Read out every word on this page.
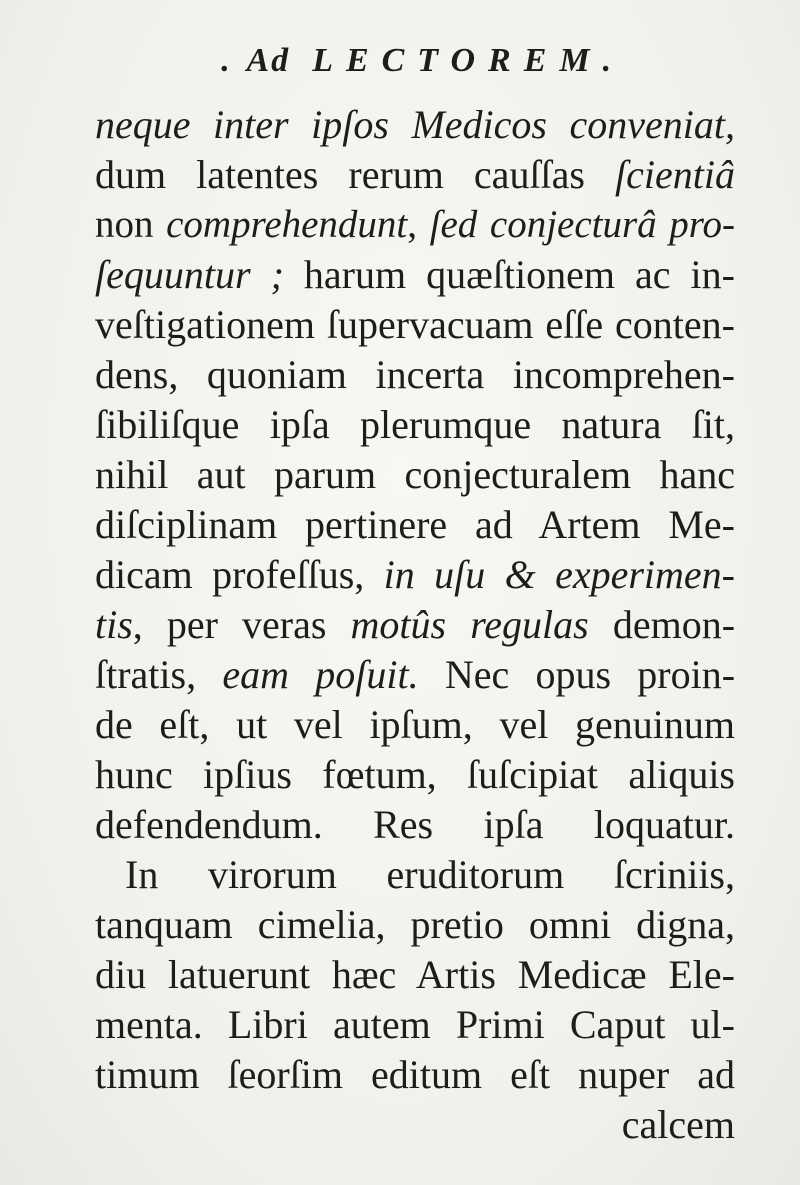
. Ad LECTOREM.
neque inter ipſos Medicos conveniat,
dum latentes rerum cauſſas ſcientiâ
non comprehendunt, ſed conjecturâ pro-
ſequuntur ; harum quæſtionem ac in-
veſtigationem ſupervacuam eſſe conten-
dens, quoniam incerta incomprehen-
ſibiliſque ipſa plerumque natura ſit,
nihil aut parum conjecturalem hanc
diſciplinam pertinere ad Artem Me-
dicam profeſſus, in uſu & experimen-
tis, per veras motûs regulas demon-
ſtratis, eam poſuit. Nec opus proin-
de eſt, ut vel ipſum, vel genuinum
hunc ipſius fœtum, ſuſcipiat aliquis
defendendum. Res ipſa loquatur.
In virorum eruditorum ſcriniis,
tanquam cimelia, pretio omni digna,
diu latuerunt hæc Artis Medicæ Ele-
menta. Libri autem Primi Caput ul-
timum ſeorſim editum eſt nuper ad
calcem
